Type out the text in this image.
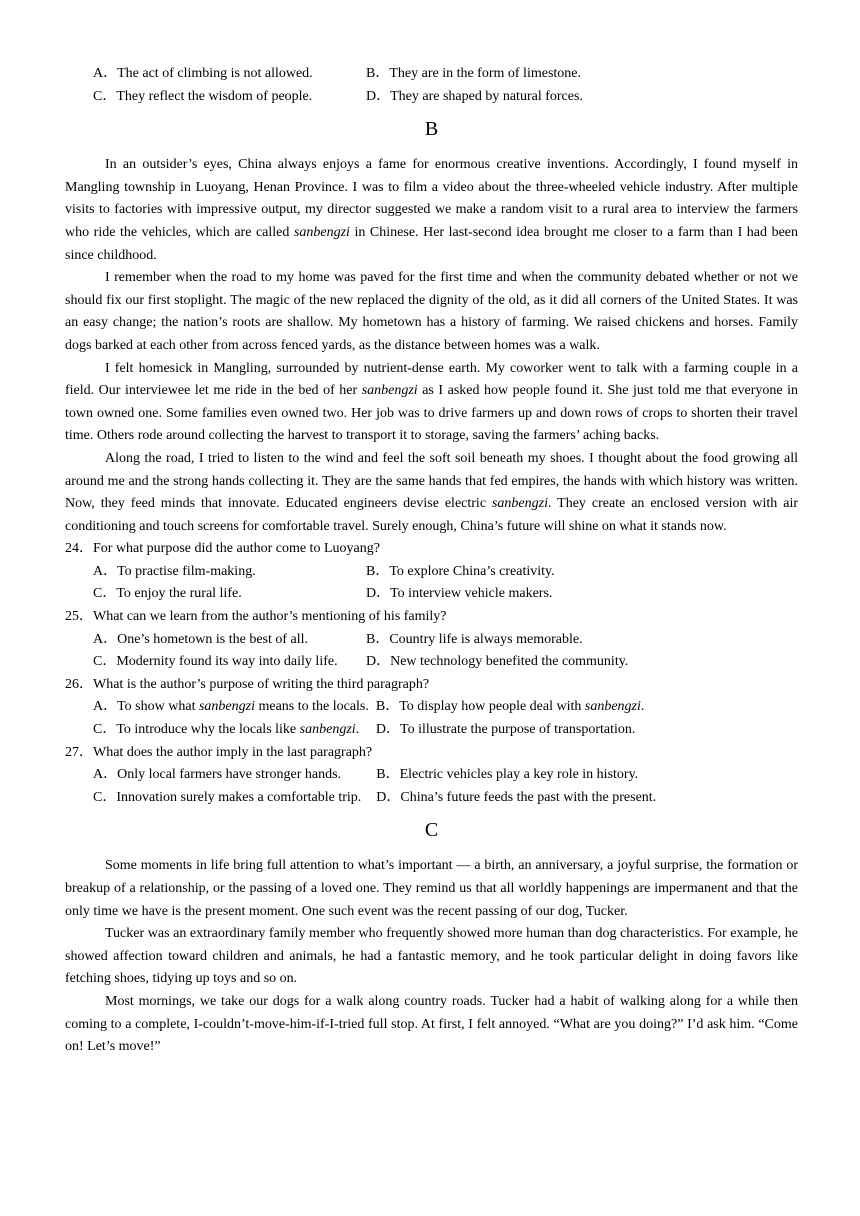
A．The act of climbing is not allowed.	B．They are in the form of limestone.
C．They reflect the wisdom of people.	D．They are shaped by natural forces.
B

In an outsider’s eyes, China always enjoys a fame for enormous creative inventions. Accordingly, I found myself in Mangling township in Luoyang, Henan Province. I was to film a video about the three-wheeled vehicle industry. After multiple visits to factories with impressive output, my director suggested we make a random visit to a rural area to interview the farmers who ride the vehicles, which are called sanbengzi in Chinese. Her last-second idea brought me closer to a farm than I had been since childhood.

I remember when the road to my home was paved for the first time and when the community debated whether or not we should fix our first stoplight. The magic of the new replaced the dignity of the old, as it did all corners of the United States. It was an easy change; the nation’s roots are shallow. My hometown has a history of farming. We raised chickens and horses. Family dogs barked at each other from across fenced yards, as the distance between homes was a walk.

I felt homesick in Mangling, surrounded by nutrient-dense earth. My coworker went to talk with a farming couple in a field. Our interviewee let me ride in the bed of her sanbengzi as I asked how people found it. She just told me that everyone in town owned one. Some families even owned two. Her job was to drive farmers up and down rows of crops to shorten their travel time. Others rode around collecting the harvest to transport it to storage, saving the farmers’ aching backs.

Along the road, I tried to listen to the wind and feel the soft soil beneath my shoes. I thought about the food growing all around me and the strong hands collecting it. They are the same hands that fed empires, the hands with which history was written. Now, they feed minds that innovate. Educated engineers devise electric sanbengzi. They create an enclosed version with air conditioning and touch screens for comfortable travel. Surely enough, China’s future will shine on what it stands now.

24．For what purpose did the author come to Luoyang?

A．To practise film-making.	B．To explore China’s creativity.
C．To enjoy the rural life.	D．To interview vehicle makers.

25．What can we learn from the author’s mentioning of his family?

A．One’s hometown is the best of all.	B．Country life is always memorable.
C．Modernity found its way into daily life.	D．New technology benefited the community.

26．What is the author’s purpose of writing the third paragraph?

A．To show what sanbengzi means to the locals. B．To display how people deal with sanbengzi.
C．To introduce why the locals like sanbengzi.	D．To illustrate the purpose of transportation.

27．What does the author imply in the last paragraph?

A．Only local farmers have stronger hands.	B．Electric vehicles play a key role in history.
C．Innovation surely makes a comfortable trip. D．China’s future feeds the past with the present.
C

Some moments in life bring full attention to what’s important — a birth, an anniversary, a joyful surprise, the formation or breakup of a relationship, or the passing of a loved one. They remind us that all worldly happenings are impermanent and that the only time we have is the present moment. One such event was the recent passing of our dog, Tucker.

Tucker was an extraordinary family member who frequently showed more human than dog characteristics. For example, he showed affection toward children and animals, he had a fantastic memory, and he took particular delight in doing favors like fetching shoes, tidying up toys and so on.

Most mornings, we take our dogs for a walk along country roads. Tucker had a habit of walking along for a while then coming to a complete, I-couldn’t-move-him-if-I-tried full stop. At first, I felt annoyed. “What are you doing?” I’d ask him. “Come on! Let’s move!”
